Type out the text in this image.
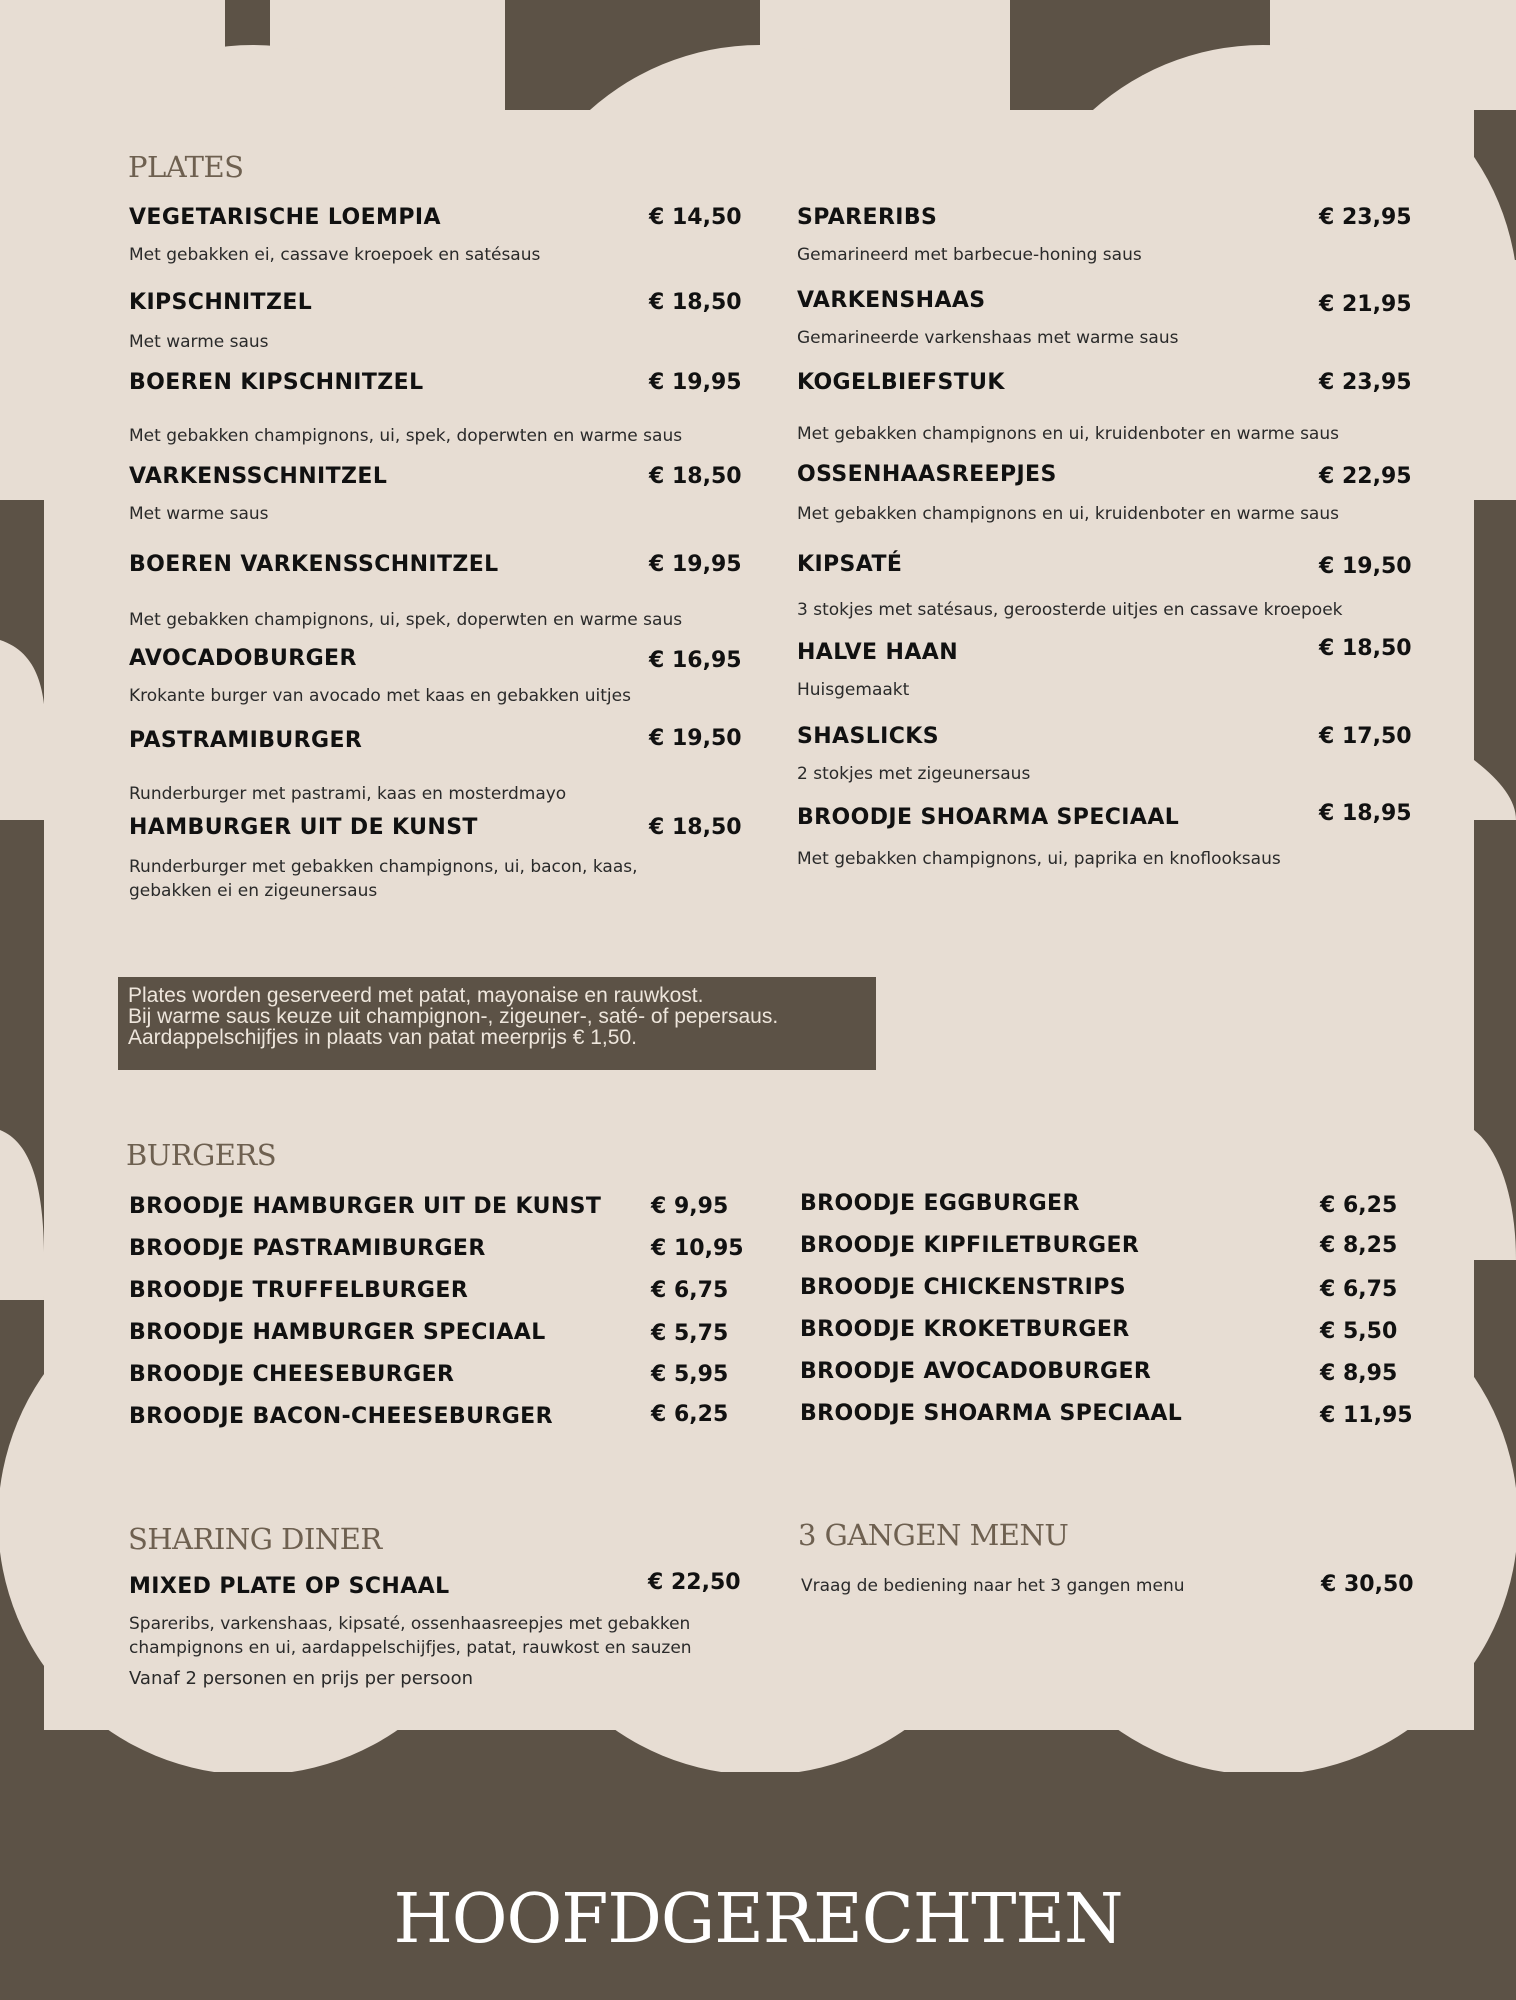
PLATES
VEGETARISCHE LOEMPIA	€ 14,50
Met gebakken ei, cassave kroepoek en satésaus
KIPSCHNITZEL	€ 18,50
Met warme saus
BOEREN KIPSCHNITZEL	€ 19,95
Met gebakken champignons, ui, spek, doperwten en warme saus
VARKENSSCHNITZEL	€ 18,50
Met warme saus
BOEREN VARKENSSCHNITZEL	€ 19,95
Met gebakken champignons, ui, spek, doperwten en warme saus
AVOCADOBURGER	€ 16,95
Krokante burger van avocado met kaas en gebakken uitjes
PASTRAMIBURGER	€ 19,50
Runderburger met pastrami, kaas en mosterdmayo
HAMBURGER UIT DE KUNST	€ 18,50
Runderburger met gebakken champignons, ui, bacon, kaas,
gebakken ei en zigeunersaus
SPARERIBS	€ 23,95
Gemarineerd met barbecue-honing saus
VARKENSHAAS	€ 21,95
Gemarineerde varkenshaas met warme saus
KOGELBIEFSTUK	€ 23,95
Met gebakken champignons en ui, kruidenboter en warme saus
OSSENHAASREEPJES	€ 22,95
Met gebakken champignons en ui, kruidenboter en warme saus
KIPSATÉ	€ 19,50
3 stokjes met satésaus, geroosterde uitjes en cassave kroepoek
HALVE HAAN	€ 18,50
Huisgemaakt
SHASLICKS	€ 17,50
2 stokjes met zigeunersaus
BROODJE SHOARMA SPECIAAL	€ 18,95
Met gebakken champignons, ui, paprika en knoflooksaus
Plates worden geserveerd met patat, mayonaise en rauwkost.
Bij warme saus keuze uit champignon-, zigeuner-, saté- of pepersaus.
Aardappelschijfjes in plaats van patat meerprijs € 1,50.
BURGERS
BROODJE HAMBURGER UIT DE KUNST € 9,95
BROODJE PASTRAMIBURGER	€ 10,95
BROODJE TRUFFELBURGER	€ 6,75
BROODJE HAMBURGER SPECIAAL	€ 5,75
BROODJE CHEESEBURGER	€ 5,95
BROODJE BACON-CHEESEBURGER	€ 6,25
BROODJE EGGBURGER	€ 6,25
BROODJE KIPFILETBURGER	€ 8,25
BROODJE CHICKENSTRIPS	€ 6,75
BROODJE KROKETBURGER	€ 5,50
BROODJE AVOCADOBURGER	€ 8,95
BROODJE SHOARMA SPECIAAL	€ 11,95
SHARING DINER
MIXED PLATE OP SCHAAL	€ 22,50
Spareribs, varkenshaas, kipsaté, ossenhaasreepjes met gebakken
champignons en ui, aardappelschijfjes, patat, rauwkost en sauzen
Vanaf 2 personen en prijs per persoon
3 GANGEN MENU
Vraag de bediening naar het 3 gangen menu	€ 30,50
HOOFDGERECHTEN
